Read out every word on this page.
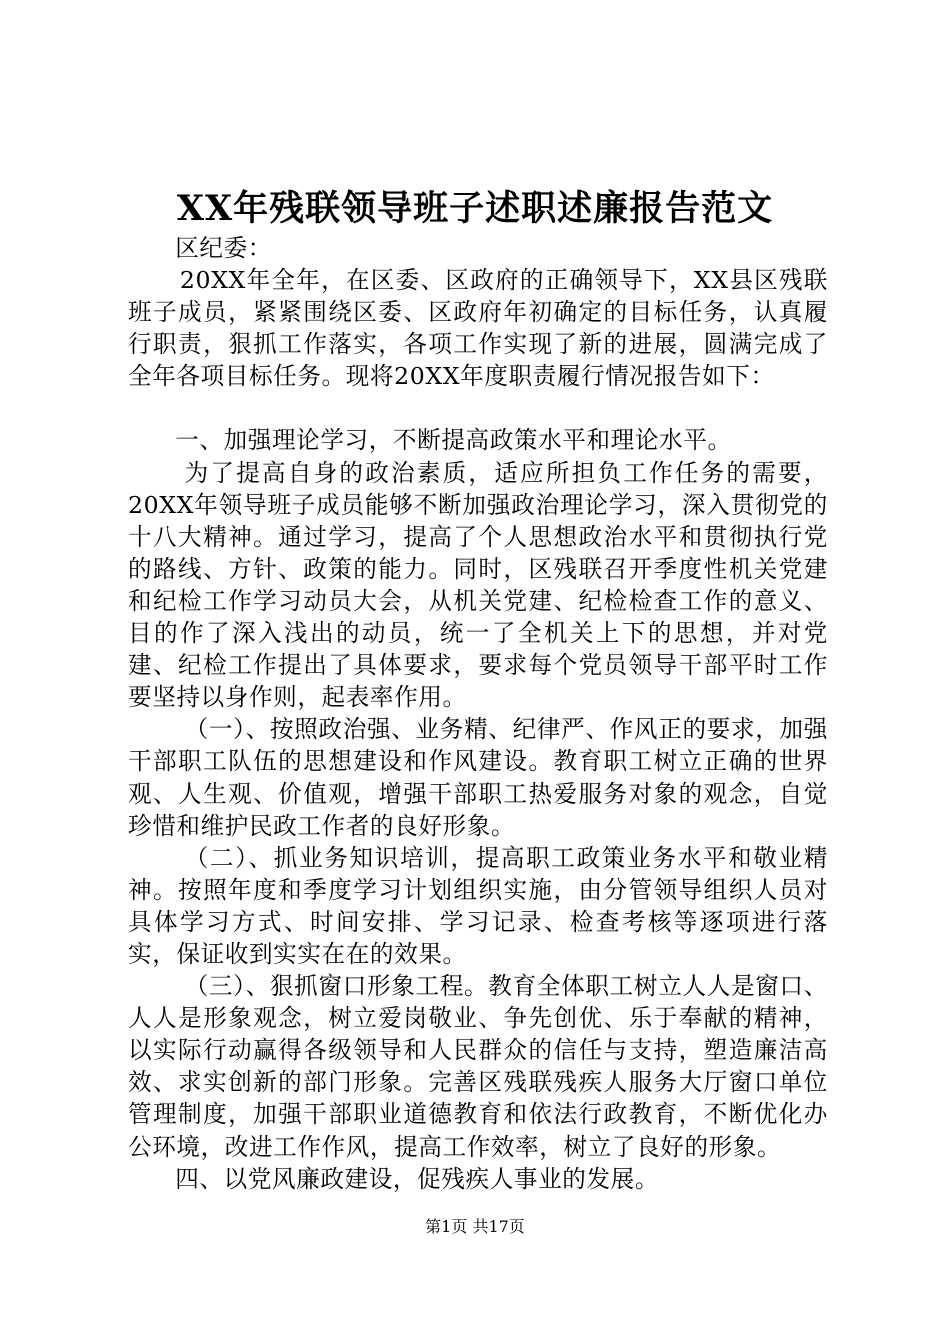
XX年残联领导班子述职述廉报告范文

区纪委：

20XX年全年，在区委、区政府的正确领导下，XX县区残联班子成员，紧紧围绕区委、区政府年初确定的目标任务，认真履行职责，狠抓工作落实，各项工作实现了新的进展，圆满完成了全年各项目标任务。现将20XX年度职责履行情况报告如下：

一、加强理论学习，不断提高政策水平和理论水平。

为了提高自身的政治素质，适应所担负工作任务的需要，20XX年领导班子成员能够不断加强政治理论学习，深入贯彻党的十八大精神。通过学习，提高了个人思想政治水平和贯彻执行党的路线、方针、政策的能力。同时，区残联召开季度性机关党建和纪检工作学习动员大会，从机关党建、纪检检查工作的意义、目的作了深入浅出的动员，统一了全机关上下的思想，并对党建、纪检工作提出了具体要求，要求每个党员领导干部平时工作要坚持以身作则，起表率作用。

（一）、按照政治强、业务精、纪律严、作风正的要求，加强干部职工队伍的思想建设和作风建设。教育职工树立正确的世界观、人生观、价值观，增强干部职工热爱服务对象的观念，自觉珍惜和维护民政工作者的良好形象。

（二）、抓业务知识培训，提高职工政策业务水平和敬业精神。按照年度和季度学习计划组织实施，由分管领导组织人员对具体学习方式、时间安排、学习记录、检查考核等逐项进行落实，保证收到实实在在的效果。

（三）、狠抓窗口形象工程。教育全体职工树立人人是窗口、人人是形象观念，树立爱岗敬业、争先创优、乐于奉献的精神，以实际行动赢得各级领导和人民群众的信任与支持，塑造廉洁高效、求实创新的部门形象。完善区残联残疾人服务大厅窗口单位管理制度，加强干部职业道德教育和依法行政教育，不断优化办公环境，改进工作作风，提高工作效率，树立了良好的形象。

四、以党风廉政建设，促残疾人事业的发展。

第1页 共17页
